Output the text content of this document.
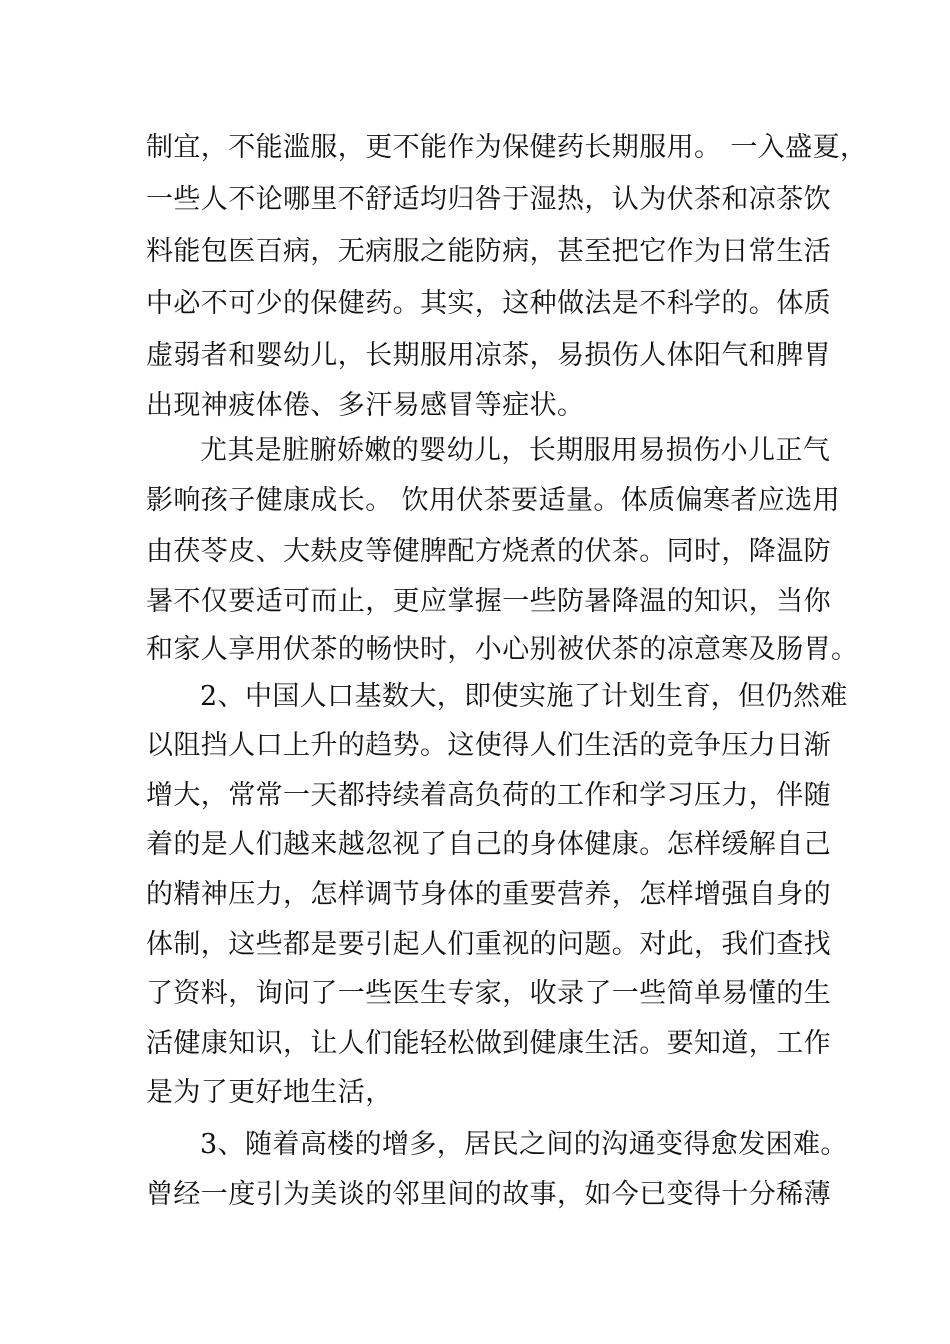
制宜，不能滥服，更不能作为保健药长期服用。 一入盛夏，
一些人不论哪里不舒适均归咎于湿热，认为伏茶和凉茶饮
料能包医百病，无病服之能防病，甚至把它作为日常生活
中必不可少的保健药。其实，这种做法是不科学的。体质
虚弱者和婴幼儿，长期服用凉茶，易损伤人体阳气和脾胃
出现神疲体倦、多汗易感冒等症状。
尤其是脏腑娇嫩的婴幼儿，长期服用易损伤小儿正气
影响孩子健康成长。 饮用伏茶要适量。体质偏寒者应选用
由茯苓皮、大麸皮等健脾配方烧煮的伏茶。同时，降温防
暑不仅要适可而止，更应掌握一些防暑降温的知识，当你
和家人享用伏茶的畅快时，小心别被伏茶的凉意寒及肠胃。
2、中国人口基数大，即使实施了计划生育，但仍然难
以阻挡人口上升的趋势。这使得人们生活的竞争压力日渐
增大，常常一天都持续着高负荷的工作和学习压力，伴随
着的是人们越来越忽视了自己的身体健康。怎样缓解自己
的精神压力，怎样调节身体的重要营养，怎样增强自身的
体制，这些都是要引起人们重视的问题。对此，我们查找
了资料，询问了一些医生专家，收录了一些简单易懂的生
活健康知识，让人们能轻松做到健康生活。要知道，工作
是为了更好地生活，
3、随着高楼的增多，居民之间的沟通变得愈发困难。
曾经一度引为美谈的邻里间的故事，如今已变得十分稀薄
